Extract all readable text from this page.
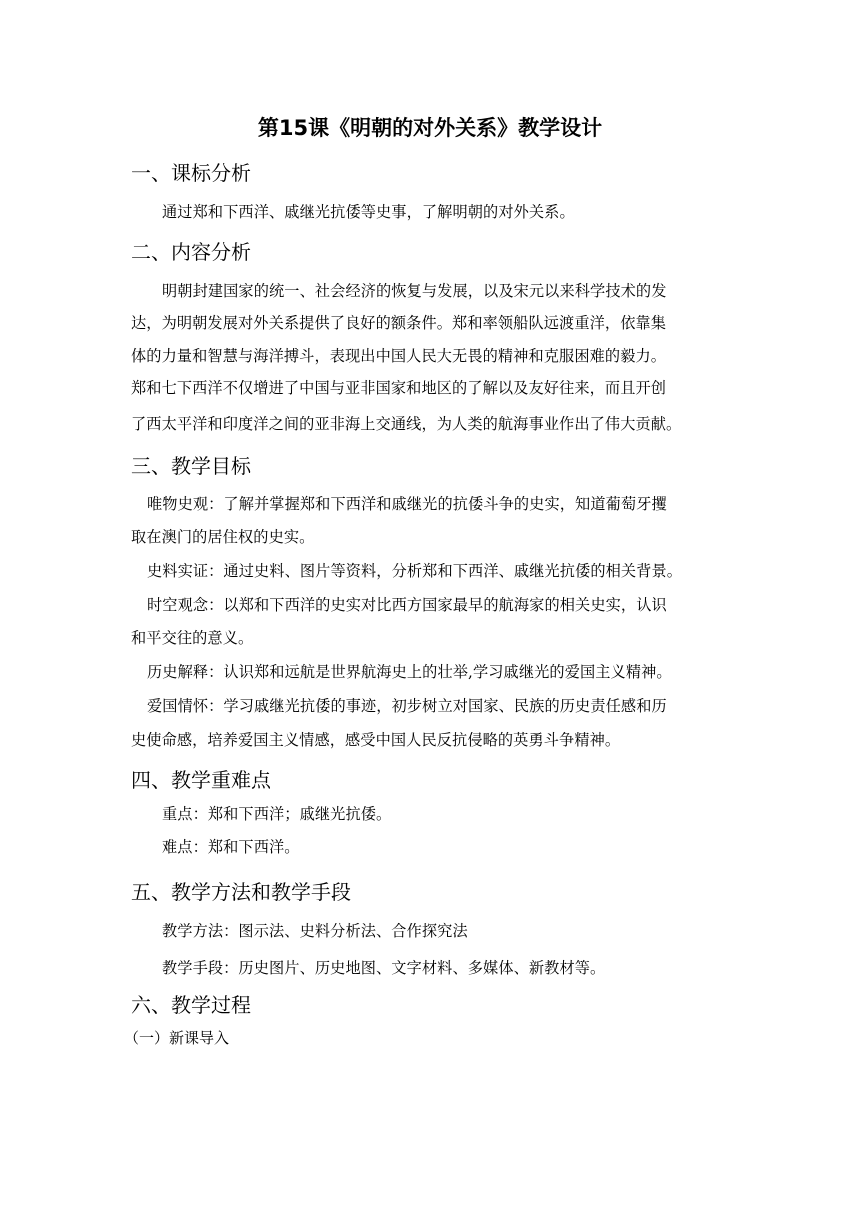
第15课《明朝的对外关系》教学设计
一、课标分析
通过郑和下西洋、戚继光抗倭等史事，了解明朝的对外关系。
二、内容分析
明朝封建国家的统一、社会经济的恢复与发展，以及宋元以来科学技术的发
达，为明朝发展对外关系提供了良好的额条件。郑和率领船队远渡重洋，依靠集
体的力量和智慧与海洋搏斗，表现出中国人民大无畏的精神和克服困难的毅力。
郑和七下西洋不仅增进了中国与亚非国家和地区的了解以及友好往来，而且开创
了西太平洋和印度洋之间的亚非海上交通线，为人类的航海事业作出了伟大贡献。
三、教学目标
唯物史观：了解并掌握郑和下西洋和戚继光的抗倭斗争的史实，知道葡萄牙攫
取在澳门的居住权的史实。
史料实证：通过史料、图片等资料，分析郑和下西洋、戚继光抗倭的相关背景。
时空观念：以郑和下西洋的史实对比西方国家最早的航海家的相关史实，认识
和平交往的意义。
历史解释：认识郑和远航是世界航海史上的壮举,学习戚继光的爱国主义精神。
爱国情怀：学习戚继光抗倭的事迹，初步树立对国家、民族的历史责任感和历
史使命感，培养爱国主义情感，感受中国人民反抗侵略的英勇斗争精神。
四、教学重难点
重点：郑和下西洋；戚继光抗倭。
难点：郑和下西洋。
五、教学方法和教学手段
教学方法：图示法、史料分析法、合作探究法
教学手段：历史图片、历史地图、文字材料、多媒体、新教材等。
六、教学过程
（一）新课导入
